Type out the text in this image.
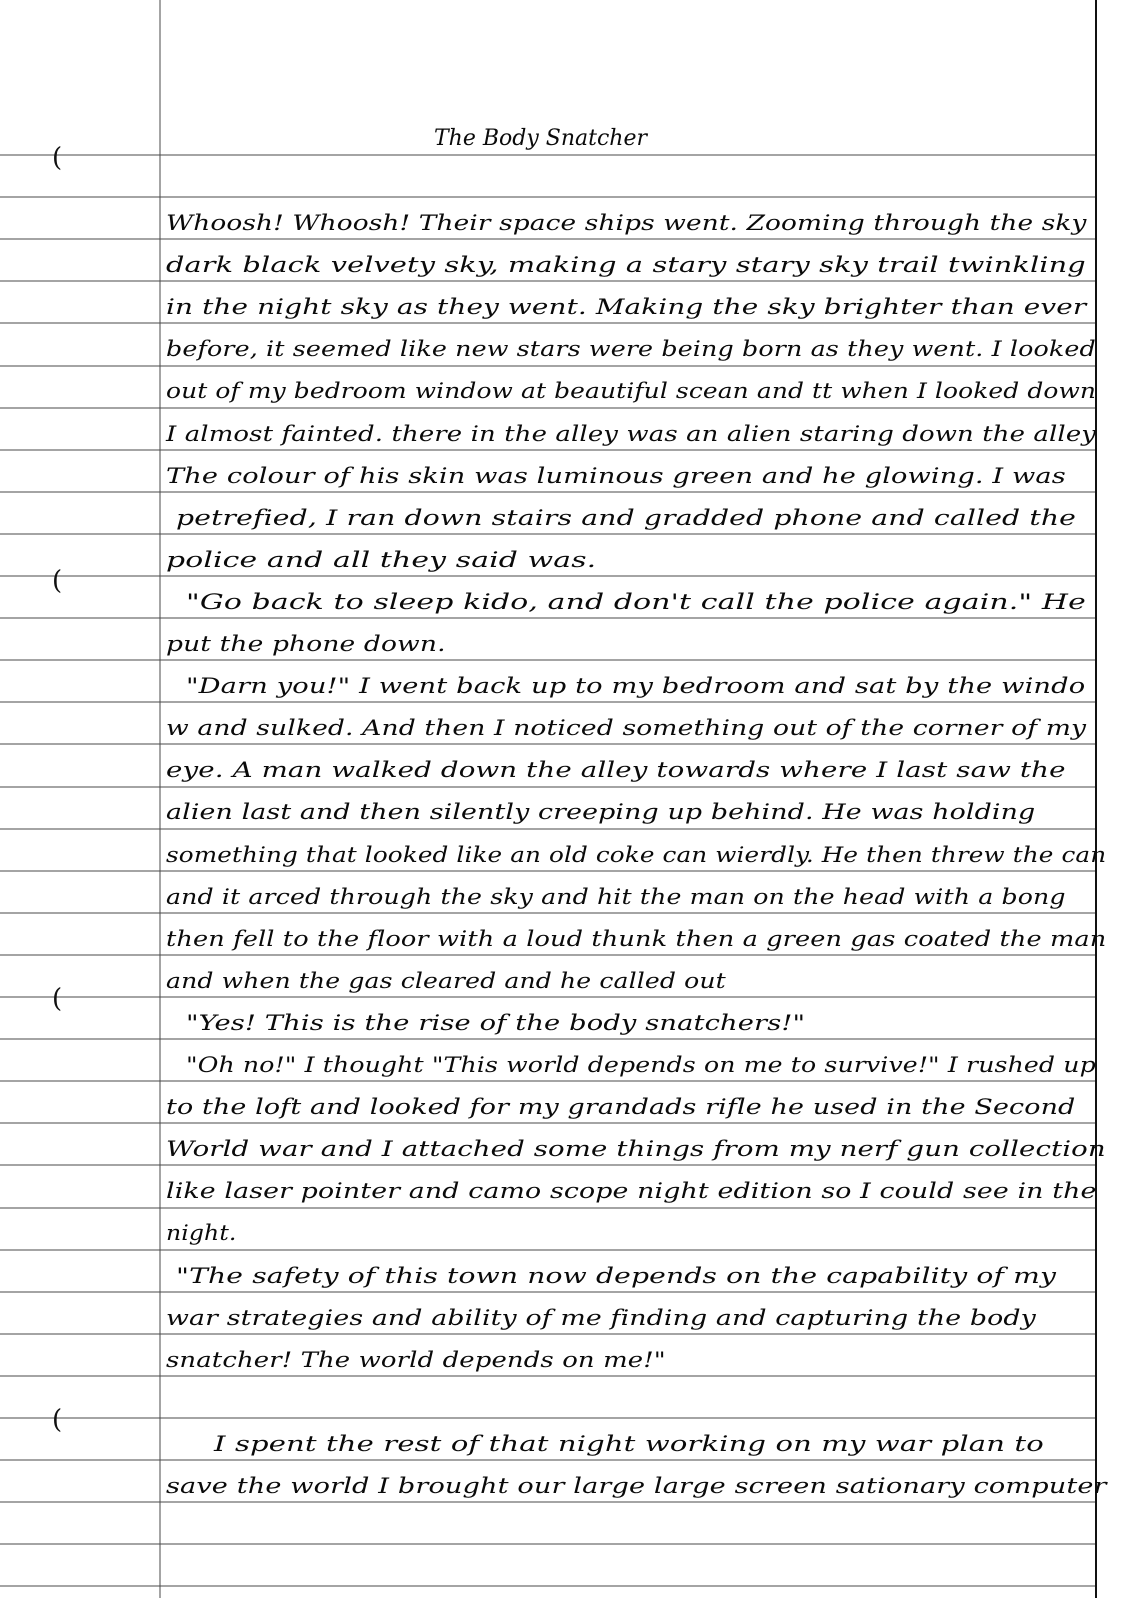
(
(
(
(
The Body Snatcher
Whoosh! Whoosh! Their space ships went. Zooming through the sky
dark black velvety sky, making a stary stary sky trail twinkling
in the night sky as they went. Making the sky brighter than ever
before, it seemed like new stars were being born as they went. I looked
out of my bedroom window at beautiful scean and tt when I looked down
I almost fainted. there in the alley was an alien staring down the alley
The colour of his skin was luminous green and he glowing. I was
petrefied, I ran down stairs and gradded phone and called the
police and all they said was.
"Go back to sleep kido, and don't call the police again." He
put the phone down.
"Darn you!" I went back up to my bedroom and sat by the windo
w and sulked. And then I noticed something out of the corner of my
eye. A man walked down the alley towards where I last saw the
alien last and then silently creeping up behind. He was holding
something that looked like an old coke can wierdly. He then threw the can
and it arced through the sky and hit the man on the head with a bong
then fell to the floor with a loud thunk then a green gas coated the man
and when the gas cleared and he called out
"Yes! This is the rise of the body snatchers!"
"Oh no!" I thought "This world depends on me to survive!" I rushed up
to the loft and looked for my grandads rifle he used in the Second
World war and I attached some things from my nerf gun collection
like laser pointer and camo scope night edition so I could see in the
night.
"The safety of this town now depends on the capability of my
war strategies and ability of me finding and capturing the body
snatcher! The world depends on me!"
I spent the rest of that night working on my war plan to
save the world I brought our large large screen sationary computer
